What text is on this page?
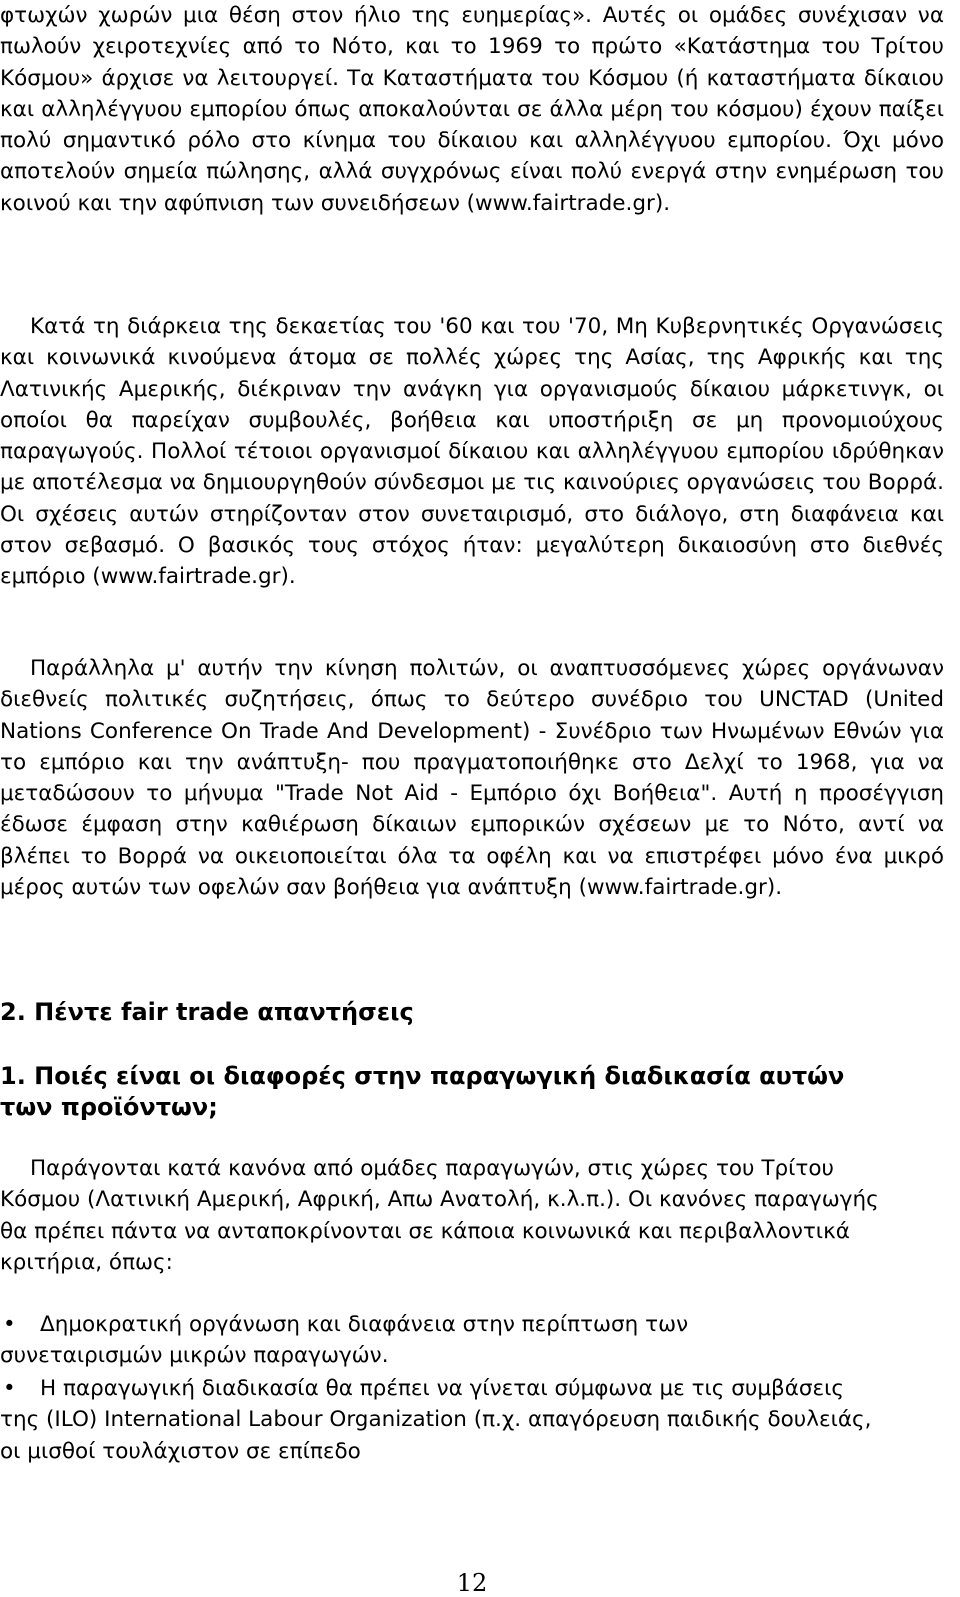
φτωχών χωρών μια θέση στον ήλιο της ευημερίας». Αυτές οι ομάδες συνέχισαν να πωλούν χειροτεχνίες από το Νότο, και το 1969 το πρώτο «Κατάστημα του Τρίτου Κόσμου» άρχισε να λειτουργεί. Τα Καταστήματα του Κόσμου (ή καταστήματα δίκαιου και αλληλέγγυου εμπορίου όπως αποκαλούνται σε άλλα μέρη του κόσμου) έχουν παίξει πολύ σημαντικό ρόλο στο κίνημα του δίκαιου και αλληλέγγυου εμπορίου. Όχι μόνο αποτελούν σημεία πώλησης, αλλά συγχρόνως είναι πολύ ενεργά στην ενημέρωση του κοινού και την αφύπνιση των συνειδήσεων (www.fairtrade.gr).

Κατά τη διάρκεια της δεκαετίας του '60 και του '70, Μη Κυβερνητικές Οργανώσεις και κοινωνικά κινούμενα άτομα σε πολλές χώρες της Ασίας, της Αφρικής και της Λατινικής Αμερικής, διέκριναν την ανάγκη για οργανισμούς δίκαιου μάρκετινγκ, οι οποίοι θα παρείχαν συμβουλές, βοήθεια και υποστήριξη σε μη προνομιούχους παραγωγούς. Πολλοί τέτοιοι οργανισμοί δίκαιου και αλληλέγγυου εμπορίου ιδρύθηκαν με αποτέλεσμα να δημιουργηθούν σύνδεσμοι με τις καινούριες οργανώσεις του Βορρά. Οι σχέσεις αυτών στηρίζονταν στον συνεταιρισμό, στο διάλογο, στη διαφάνεια και στον σεβασμό. Ο βασικός τους στόχος ήταν: μεγαλύτερη δικαιοσύνη στο διεθνές εμπόριο (www.fairtrade.gr).

Παράλληλα μ' αυτήν την κίνηση πολιτών, οι αναπτυσσόμενες χώρες οργάνωναν διεθνείς πολιτικές συζητήσεις, όπως το δεύτερο συνέδριο του UNCTAD (United Nations Conference On Trade And Development) - Συνέδριο των Ηνωμένων Εθνών για το εμπόριο και την ανάπτυξη- που πραγματοποιήθηκε στο Δελχί το 1968, για να μεταδώσουν το μήνυμα "Trade Not Aid - Εμπόριο όχι Βοήθεια". Αυτή η προσέγγιση έδωσε έμφαση στην καθιέρωση δίκαιων εμπορικών σχέσεων με το Νότο, αντί να βλέπει το Βορρά να οικειοποιείται όλα τα οφέλη και να επιστρέφει μόνο ένα μικρό μέρος αυτών των οφελών σαν βοήθεια για ανάπτυξη (www.fairtrade.gr).

2. Πέντε fair trade απαντήσεις
1. Ποιές είναι οι διαφορές στην παραγωγική διαδικασία αυτών των προϊόντων;

Παράγονται κατά κανόνα από ομάδες παραγωγών, στις χώρες του Τρίτου Κόσμου (Λατινική Αμερική, Αφρική, Απω Ανατολή, κ.λ.π.). Οι κανόνες παραγωγής θα πρέπει πάντα να ανταποκρίνονται σε κάποια κοινωνικά και περιβαλλοντικά κριτήρια, όπως:

•	Δημοκρατική οργάνωση και διαφάνεια στην περίπτωση των συνεταιρισμών μικρών παραγωγών.
•	Η παραγωγική διαδικασία θα πρέπει να γίνεται σύμφωνα με τις συμβάσεις της (ILO) International Labour Organization (π.χ. απαγόρευση παιδικής δουλειάς, οι μισθοί τουλάχιστον σε επίπεδο
12
